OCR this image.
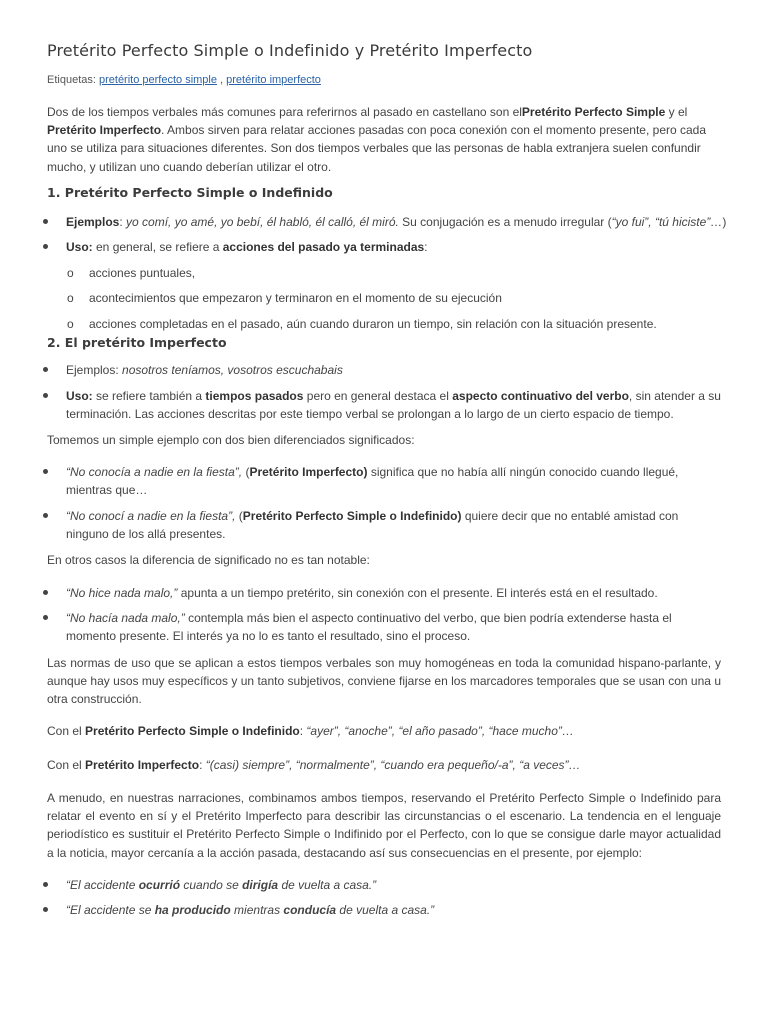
Pretérito Perfecto Simple o Indefinido y Pretérito Imperfecto
Etiquetas: pretérito perfecto simple , pretérito imperfecto

Dos de los tiempos verbales más comunes para referirnos al pasado en castellano son elPretérito Perfecto Simple y el Pretérito Imperfecto. Ambos sirven para relatar acciones pasadas con poca conexión con el momento presente, pero cada uno se utiliza para situaciones diferentes. Son dos tiempos verbales que las personas de habla extranjera suelen confundir mucho, y utilizan uno cuando deberían utilizar el otro.

1. Pretérito Perfecto Simple o Indefinido
Ejemplos: yo comí, yo amé, yo bebí, él habló, él calló, él miró. Su conjugación es a menudo irregular (“yo fui”, “tú hiciste”…)
Uso: en general, se refiere a acciones del pasado ya terminadas:
o acciones puntuales,
o acontecimientos que empezaron y terminaron en el momento de su ejecución
o acciones completadas en el pasado, aún cuando duraron un tiempo, sin relación con la situación presente.
2. El pretérito Imperfecto
Ejemplos: nosotros teníamos, vosotros escuchabais
Uso: se refiere también a tiempos pasados pero en general destaca el aspecto continuativo del verbo, sin atender a su terminación. Las acciones descritas por este tiempo verbal se prolongan a lo largo de un cierto espacio de tiempo.

Tomemos un simple ejemplo con dos bien diferenciados significados:

“No conocía a nadie en la fiesta”, (Pretérito Imperfecto) significa que no había allí ningún conocido cuando llegué, mientras que…
“No conocí a nadie en la fiesta”, (Pretérito Perfecto Simple o Indefinido) quiere decir que no entablé amistad con ninguno de los allá presentes.

En otros casos la diferencia de significado no es tan notable:

“No hice nada malo,” apunta a un tiempo pretérito, sin conexión con el presente. El interés está en el resultado.
“No hacía nada malo,” contempla más bien el aspecto continuativo del verbo, que bien podría extenderse hasta el momento presente. El interés ya no lo es tanto el resultado, sino el proceso.

Las normas de uso que se aplican a estos tiempos verbales son muy homogéneas en toda la comunidad hispano-parlante, y aunque hay usos muy específicos y un tanto subjetivos, conviene fijarse en los marcadores temporales que se usan con una u otra construcción.

Con el Pretérito Perfecto Simple o Indefinido: “ayer”, “anoche”, “el año pasado”, “hace mucho”…

Con el Pretérito Imperfecto: “(casi) siempre”, “normalmente”, “cuando era pequeño/-a”, “a veces”…

A menudo, en nuestras narraciones, combinamos ambos tiempos, reservando el Pretérito Perfecto Simple o Indefinido para relatar el evento en sí y el Pretérito Imperfecto para describir las circunstancias o el escenario. La tendencia en el lenguaje periodístico es sustituir el Pretérito Perfecto Simple o Indifinido por el Perfecto, con lo que se consigue darle mayor actualidad a la noticia, mayor cercanía a la acción pasada, destacando así sus consecuencias en el presente, por ejemplo:

“El accidente ocurrió cuando se dirigía de vuelta a casa.”
“El accidente se ha producido mientras conducía de vuelta a casa.”
